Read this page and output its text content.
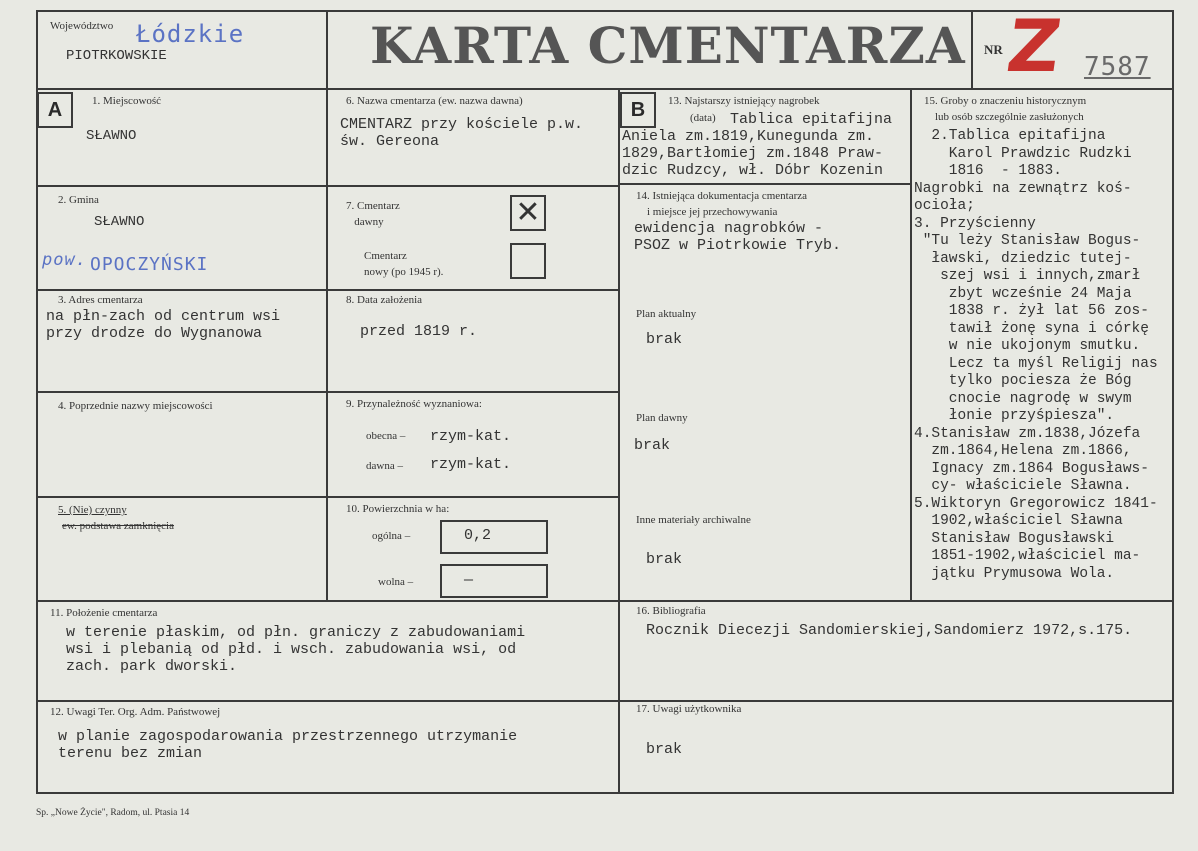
Województwo Łódzkie
PIOTRKOWSKIE	KARTA CMENTARZA NR Z 7587
A	B
1. Miejscowość
SŁAWNO
2. Gmina
SŁAWNO
pow. OPOCZYŃSKI
3. Adres cmentarza
na płn-zach od centrum wsi
przy drodze do Wygnanowa
4. Poprzednie nazwy miejscowości
5. (Nie) czynny
ew. podstawa zamknięcia
6. Nazwa cmentarza (ew. nazwa dawna)
CMENTARZ przy kościele p.w.
św. Gereona
7. Cmentarz
dawny	✕
Cmentarz
nowy (po 1945 r).
8. Data założenia
przed 1819 r.
9. Przynależność wyznaniowa:
obecna – rzym-kat.
dawna – rzym-kat.
10. Powierzchnia w ha:
ogólna –	0,2
wolna –	—
13. Najstarszy istniejący nagrobek
(data) Tablica epitafijna
Aniela zm.1819,Kunegunda zm.
1829,Bartłomiej zm.1848 Praw-
dzic Rudzcy, wł. Dóbr Kozenin
14. Istniejąca dokumentacja cmentarza
i miejsce jej przechowywania
ewidencja nagrobków -
PSOZ w Piotrkowie Tryb.
Plan aktualny
brak
Plan dawny
brak
Inne materiały archiwalne
brak
15. Groby o znaczeniu historycznym
lub osób szczególnie zasłużonych
2.Tablica epitafijna
Karol Prawdzic Rudzki
1816  - 1883.
Nagrobki na zewnątrz koś-
ocioła;
3. Przyścienny
"Tu leży Stanisław Bogus-
ławski, dziedzic tutej-
szej wsi i innych,zmarł
zbyt wcześnie 24 Maja
1838 r. żył lat 56 zos-
tawił żonę syna i córkę
w nie ukojonym smutku.
Lecz ta myśl Religij nas
tylko pociesza że Bóg
cnocie nagrodę w swym
łonie przyśpiesza".
4.Stanisław zm.1838,Józefa
zm.1864,Helena zm.1866,
Ignacy zm.1864 Bogusławs-
cy- właściciele Sławna.
5.Wiktoryn Gregorowicz 1841-
1902,właściciel Sławna
Stanisław Bogusławski
1851-1902,właściciel ma-
jątku Prymusowa Wola.
11. Położenie cmentarza
w terenie płaskim, od płn. graniczy z zabudowaniami
wsi i plebanią od płd. i wsch. zabudowania wsi, od
zach. park dworski.
16. Bibliografia
Rocznik Diecezji Sandomierskiej,Sandomierz 1972,s.175.
12. Uwagi Ter. Org. Adm. Państwowej
w planie zagospodarowania przestrzennego utrzymanie
terenu bez zmian
17. Uwagi użytkownika
brak
Sp. „Nowe Życie", Radom, ul. Ptasia 14
